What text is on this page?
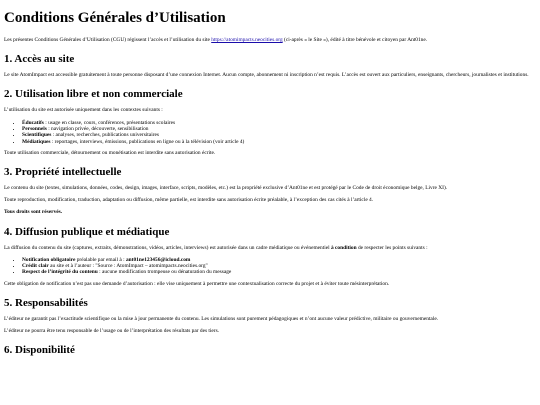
Conditions Générales d’Utilisation

Les présentes Conditions Générales d’Utilisation (CGU) régissent l’accès et l’utilisation du site https://atomimpacts.neocities.org (ci-après « le Site »), édité à titre bénévole et citoyen par Ant01ne.

1. Accès au site

Le site AtomImpact est accessible gratuitement à toute personne disposant d’une connexion Internet. Aucun compte, abonnement ni inscription n’est requis. L’accès est ouvert aux particuliers, enseignants, chercheurs, journalistes et institutions.

2. Utilisation libre et non commerciale

L’utilisation du site est autorisée uniquement dans les contextes suivants :

• Éducatifs : usage en classe, cours, conférences, présentations scolaires
• Personnels : navigation privée, découverte, sensibilisation
• Scientifiques : analyses, recherches, publications universitaires
• Médiatiques : reportages, interviews, émissions, publications en ligne ou à la télévision (voir article 4)

Toute utilisation commerciale, détournement ou monétisation est interdite sans autorisation écrite.

3. Propriété intellectuelle

Le contenu du site (textes, simulations, données, codes, design, images, interface, scripts, modèles, etc.) est la propriété exclusive d’Ant01ne et est protégé par le Code de droit économique belge, Livre XI).

Toute reproduction, modification, traduction, adaptation ou diffusion, même partielle, est interdite sans autorisation écrite préalable, à l’exception des cas cités à l’article 4.

Tous droits sont réservés.

4. Diffusion publique et médiatique

La diffusion du contenu du site (captures, extraits, démonstrations, vidéos, articles, interviews) est autorisée dans un cadre médiatique ou événementiel à condition de respecter les points suivants :

• Notification obligatoire préalable par email à : ant01ne123456@icloud.com
• Crédit clair au site et à l’auteur : "Source : AtomImpact – atomimpacts.neocities.org"
• Respect de l’intégrité du contenu : aucune modification trompeuse ou dénaturation du message

Cette obligation de notification n’est pas une demande d’autorisation : elle vise uniquement à permettre une contextualisation correcte du projet et à éviter toute mésinterprétation.

5. Responsabilités

L’éditeur ne garantit pas l’exactitude scientifique ou la mise à jour permanente du contenu. Les simulations sont purement pédagogiques et n’ont aucune valeur prédictive, militaire ou gouvernementale.

L’éditeur ne pourra être tenu responsable de l’usage ou de l’interprétation des résultats par des tiers.

6. Disponibilité
